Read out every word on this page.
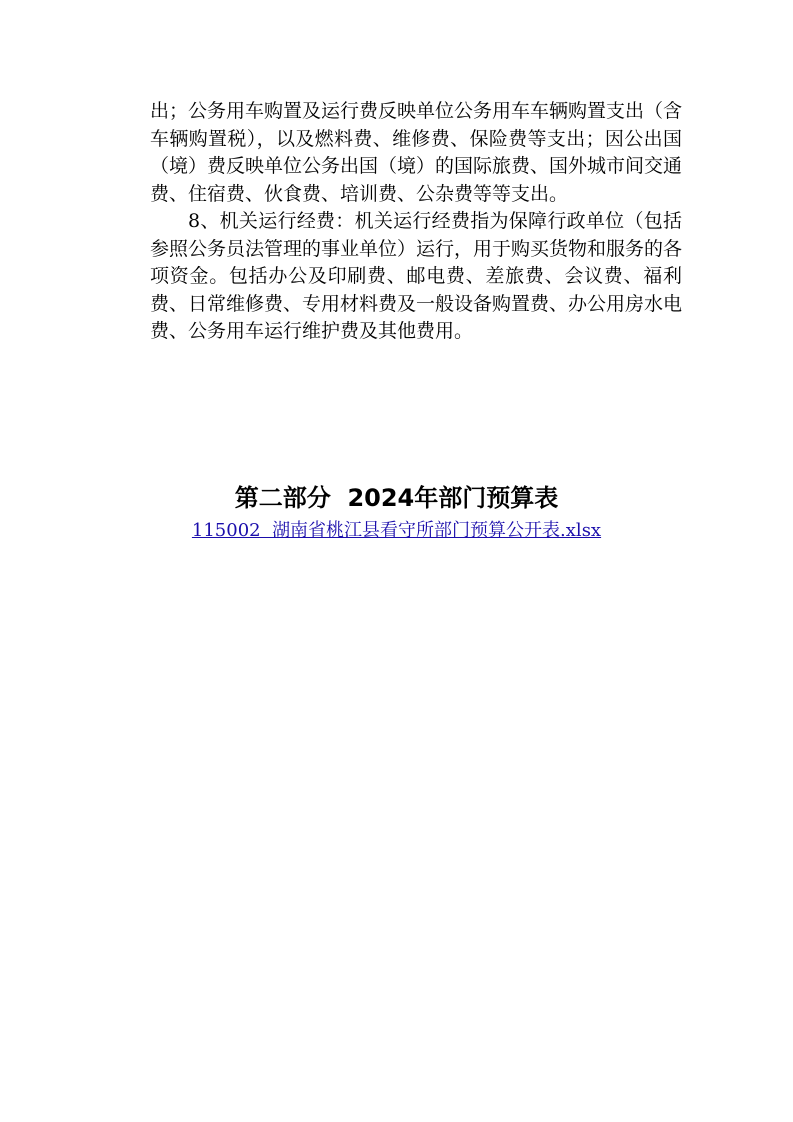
出；公务用车购置及运行费反映单位公务用车车辆购置支出（含车辆购置税），以及燃料费、维修费、保险费等支出；因公出国（境）费反映单位公务出国（境）的国际旅费、国外城市间交通费、住宿费、伙食费、培训费、公杂费等等支出。

8、机关运行经费：机关运行经费指为保障行政单位（包括参照公务员法管理的事业单位）运行，用于购买货物和服务的各项资金。包括办公及印刷费、邮电费、差旅费、会议费、福利费、日常维修费、专用材料费及一般设备购置费、办公用房水电费、公务用车运行维护费及其他费用。

第二部分  2024年部门预算表
115002  湖南省桃江县看守所部门预算公开表.xlsx
